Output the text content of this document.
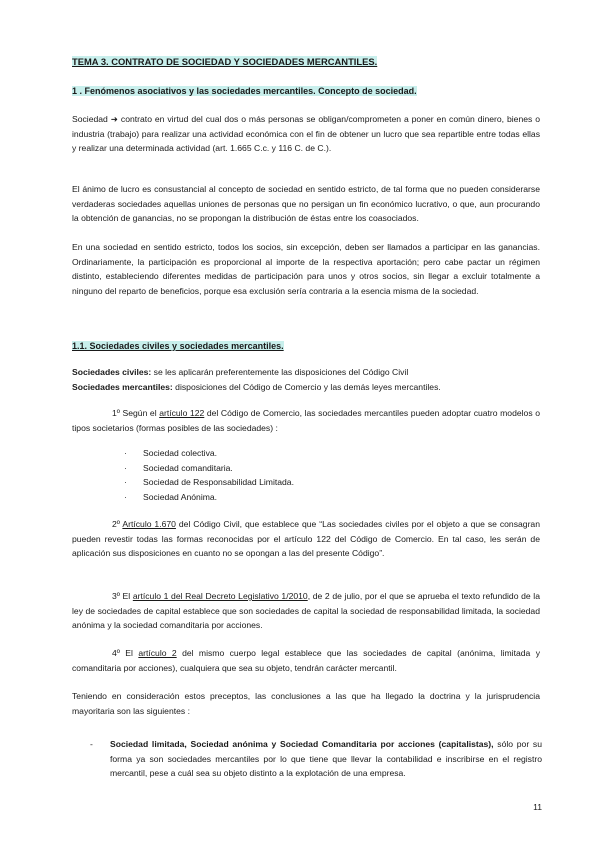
TEMA 3. CONTRATO DE SOCIEDAD Y SOCIEDADES MERCANTILES.
1 . Fenómenos asociativos y las sociedades mercantiles. Concepto de sociedad.

Sociedad ➜ contrato en virtud del cual dos o más personas se obligan/comprometen a poner en común dinero, bienes o industria (trabajo) para realizar una actividad económica con el fin de obtener un lucro que sea repartible entre todas ellas y realizar una determinada actividad (art. 1.665 C.c. y 116 C. de C.).

El ánimo de lucro es consustancial al concepto de sociedad en sentido estricto, de tal forma que no pueden considerarse verdaderas sociedades aquellas uniones de personas que no persigan un fin económico lucrativo, o que, aun procurando la obtención de ganancias, no se propongan la distribución de éstas entre los coasociados.

En una sociedad en sentido estricto, todos los socios, sin excepción, deben ser llamados a participar en las ganancias. Ordinariamente, la participación es proporcional al importe de la respectiva aportación; pero cabe pactar un régimen distinto, estableciendo diferentes medidas de participación para unos y otros socios, sin llegar a excluir totalmente a ninguno del reparto de beneficios, porque esa exclusión sería contraria a la esencia misma de la sociedad.

1.1. Sociedades civiles y sociedades mercantiles.

Sociedades civiles: se les aplicarán preferentemente las disposiciones del Código Civil
Sociedades mercantiles: disposiciones del Código de Comercio y las demás leyes mercantiles.

1º Según el artículo 122 del Código de Comercio, las sociedades mercantiles pueden adoptar cuatro modelos o tipos societarios (formas posibles de las sociedades) :

· Sociedad colectiva.
· Sociedad comanditaria.
· Sociedad de Responsabilidad Limitada.
· Sociedad Anónima.

2º Artículo 1.670 del Código Civil, que establece que “Las sociedades civiles por el objeto a que se consagran pueden revestir todas las formas reconocidas por el artículo 122 del Código de Comercio. En tal caso, les serán de aplicación sus disposiciones en cuanto no se opongan a las del presente Código”.

3º El artículo 1 del Real Decreto Legislativo 1/2010, de 2 de julio, por el que se aprueba el texto refundido de la ley de sociedades de capital establece que son sociedades de capital la sociedad de responsabilidad limitada, la sociedad anónima y la sociedad comanditaria por acciones.

4º El artículo 2 del mismo cuerpo legal establece que las sociedades de capital (anónima, limitada y comanditaria por acciones), cualquiera que sea su objeto, tendrán carácter mercantil.

Teniendo en consideración estos preceptos, las conclusiones a las que ha llegado la doctrina y la jurisprudencia mayoritaria son las siguientes :

- Sociedad limitada, Sociedad anónima y Sociedad Comanditaria por acciones (capitalistas), sólo por su forma ya son sociedades mercantiles por lo que tiene que llevar la contabilidad e inscribirse en el registro mercantil, pese a cuál sea su objeto distinto a la explotación de una empresa.

11
